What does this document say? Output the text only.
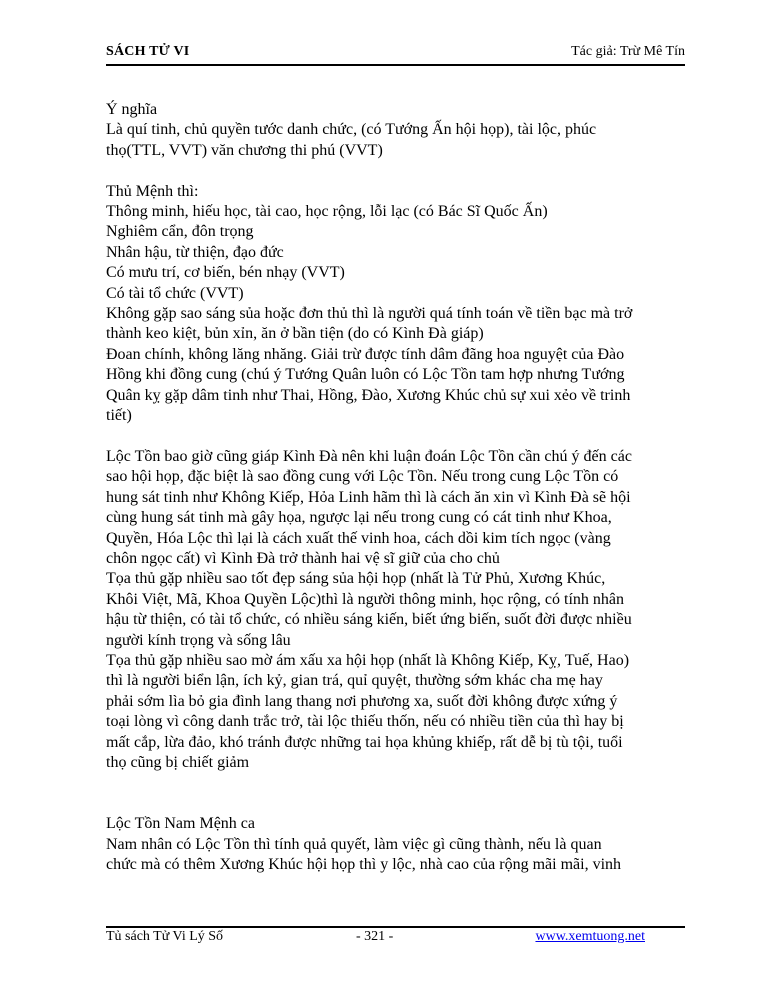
SÁCH TỬ VI	Tác giả: Trừ Mê Tín

Ý nghĩa

Là quí tinh, chủ quyền tước danh chức, (có Tướng Ấn hội họp), tài lộc, phúc

thọ(TTL, VVT) văn chương thi phú (VVT)

Thủ Mệnh thì:

Thông minh, hiếu học, tài cao, học rộng, lỗi lạc (có Bác Sĩ Quốc Ấn)

Nghiêm cẩn, đôn trọng

Nhân hậu, từ thiện, đạo đức

Có mưu trí, cơ biến, bén nhạy (VVT)

Có tài tổ chức (VVT)

Không gặp sao sáng sủa hoặc đơn thủ thì là người quá tính toán về tiền bạc mà trở

thành keo kiệt, bủn xỉn, ăn ở bần tiện (do có Kình Đà giáp)

Đoan chính, không lăng nhăng. Giải trừ được tính dâm đãng hoa nguyệt của Đào

Hồng khi đồng cung (chú ý Tướng Quân luôn có Lộc Tồn tam hợp nhưng Tướng

Quân kỵ gặp dâm tinh như Thai, Hồng, Đào, Xương Khúc chủ sự xui xẻo về trinh

tiết)

Lộc Tồn bao giờ cũng giáp Kình Đà nên khi luận đoán Lộc Tồn cần chú ý đến các

sao hội họp, đặc biệt là sao đồng cung với Lộc Tồn. Nếu trong cung Lộc Tồn có

hung sát tinh như Không Kiếp, Hỏa Linh hãm thì là cách ăn xin vì Kình Đà sẽ hội

cùng hung sát tinh mà gây họa, ngược lại nếu trong cung có cát tinh như Khoa,

Quyền, Hóa Lộc thì lại là cách xuất thế vinh hoa, cách dồi kim tích ngọc (vàng

chôn ngọc cất) vì Kình Đà trở thành hai vệ sĩ giữ của cho chủ

Tọa thủ gặp nhiều sao tốt đẹp sáng sủa hội họp (nhất là Tử Phủ, Xương Khúc,

Khôi Việt, Mã, Khoa Quyền Lộc)thì là người thông minh, học rộng, có tính nhân

hậu từ thiện, có tài tổ chức, có nhiều sáng kiến, biết ứng biến, suốt đời được nhiều

người kính trọng và sống lâu

Tọa thủ gặp nhiều sao mờ ám xấu xa hội họp (nhất là Không Kiếp, Kỵ, Tuế, Hao)

thì là người biển lận, ích kỷ, gian trá, quỉ quyệt, thường sớm khác cha mẹ hay

phải sớm lìa bỏ gia đình lang thang nơi phương xa, suốt đời không được xứng ý

toại lòng vì công danh trắc trở, tài lộc thiếu thốn, nếu có nhiều tiền của thì hay bị

mất cắp, lừa đảo, khó tránh được những tai họa khủng khiếp, rất dễ bị tù tội, tuổi

thọ cũng bị chiết giảm

Lộc Tồn Nam Mệnh ca

Nam nhân có Lộc Tồn thì tính quả quyết, làm việc gì cũng thành, nếu là quan

chức mà có thêm Xương Khúc hội họp thì y lộc, nhà cao của rộng mãi mãi, vinh

Tủ sách Tử Vi Lý Số	- 321 -	www.xemtuong.net
